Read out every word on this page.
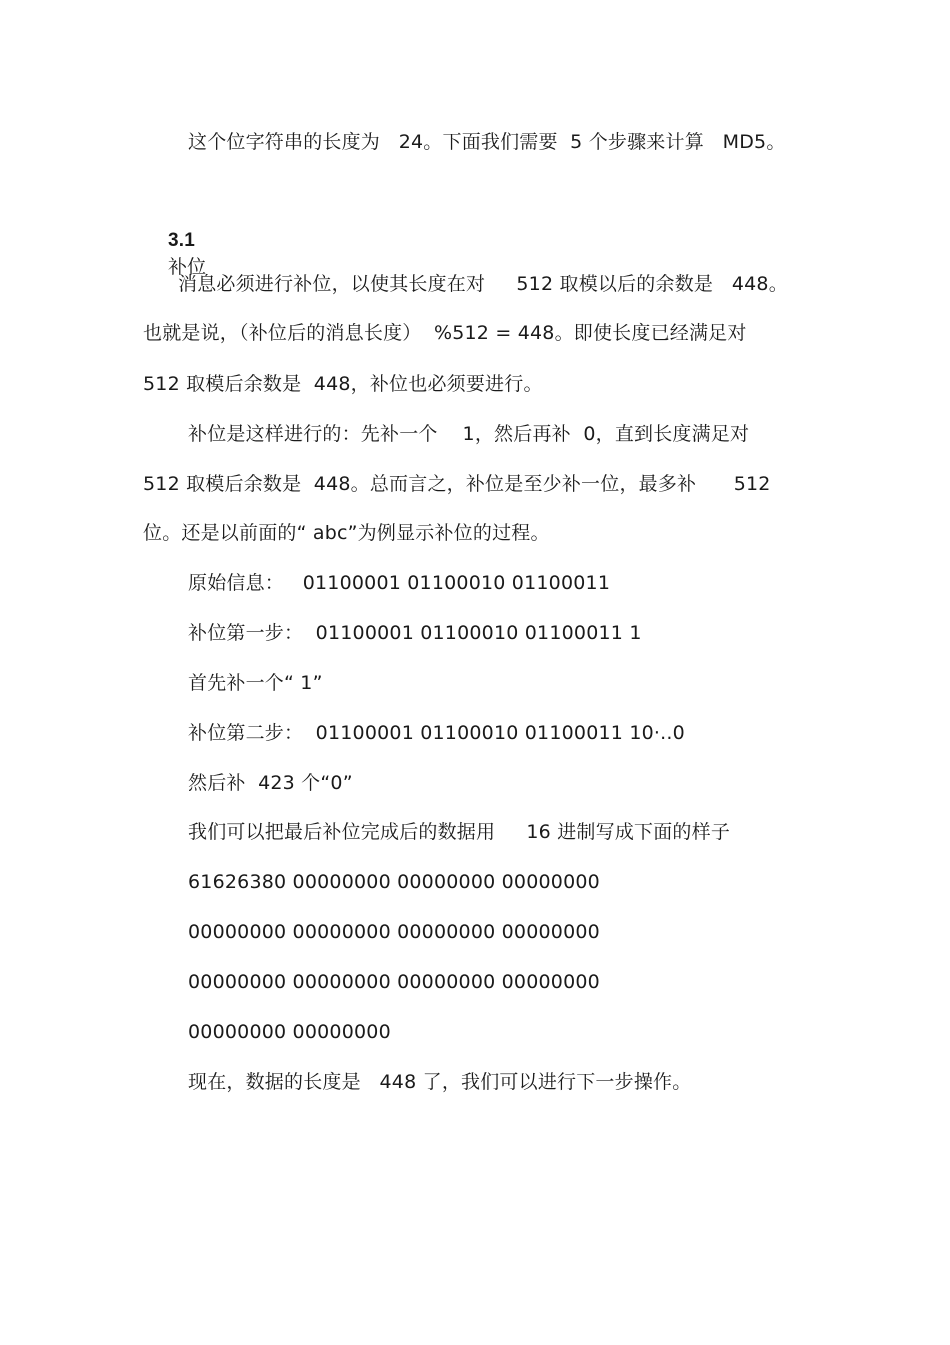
这个位字符串的长度为   24。下面我们需要  5 个步骤来计算   MD5。

3.1
补位

消息必须进行补位，以使其长度在对     512 取模以后的余数是   448。
也就是说，（补位后的消息长度）  %512 = 448。即使长度已经满足对
512 取模后余数是  448，补位也必须要进行。
补位是这样进行的：先补一个    1，然后再补  0，直到长度满足对
512 取模后余数是  448。总而言之，补位是至少补一位，最多补      512
位。还是以前面的“ abc”为例显示补位的过程。
原始信息：   01100001 01100010 01100011
补位第一步：  01100001 01100010 01100011 1
首先补一个“ 1”
补位第二步：  01100001 01100010 01100011 10·..0
然后补  423 个“0”
我们可以把最后补位完成后的数据用     16 进制写成下面的样子
61626380 00000000 00000000 00000000
00000000 00000000 00000000 00000000
00000000 00000000 00000000 00000000
00000000 00000000
现在，数据的长度是   448 了，我们可以进行下一步操作。
